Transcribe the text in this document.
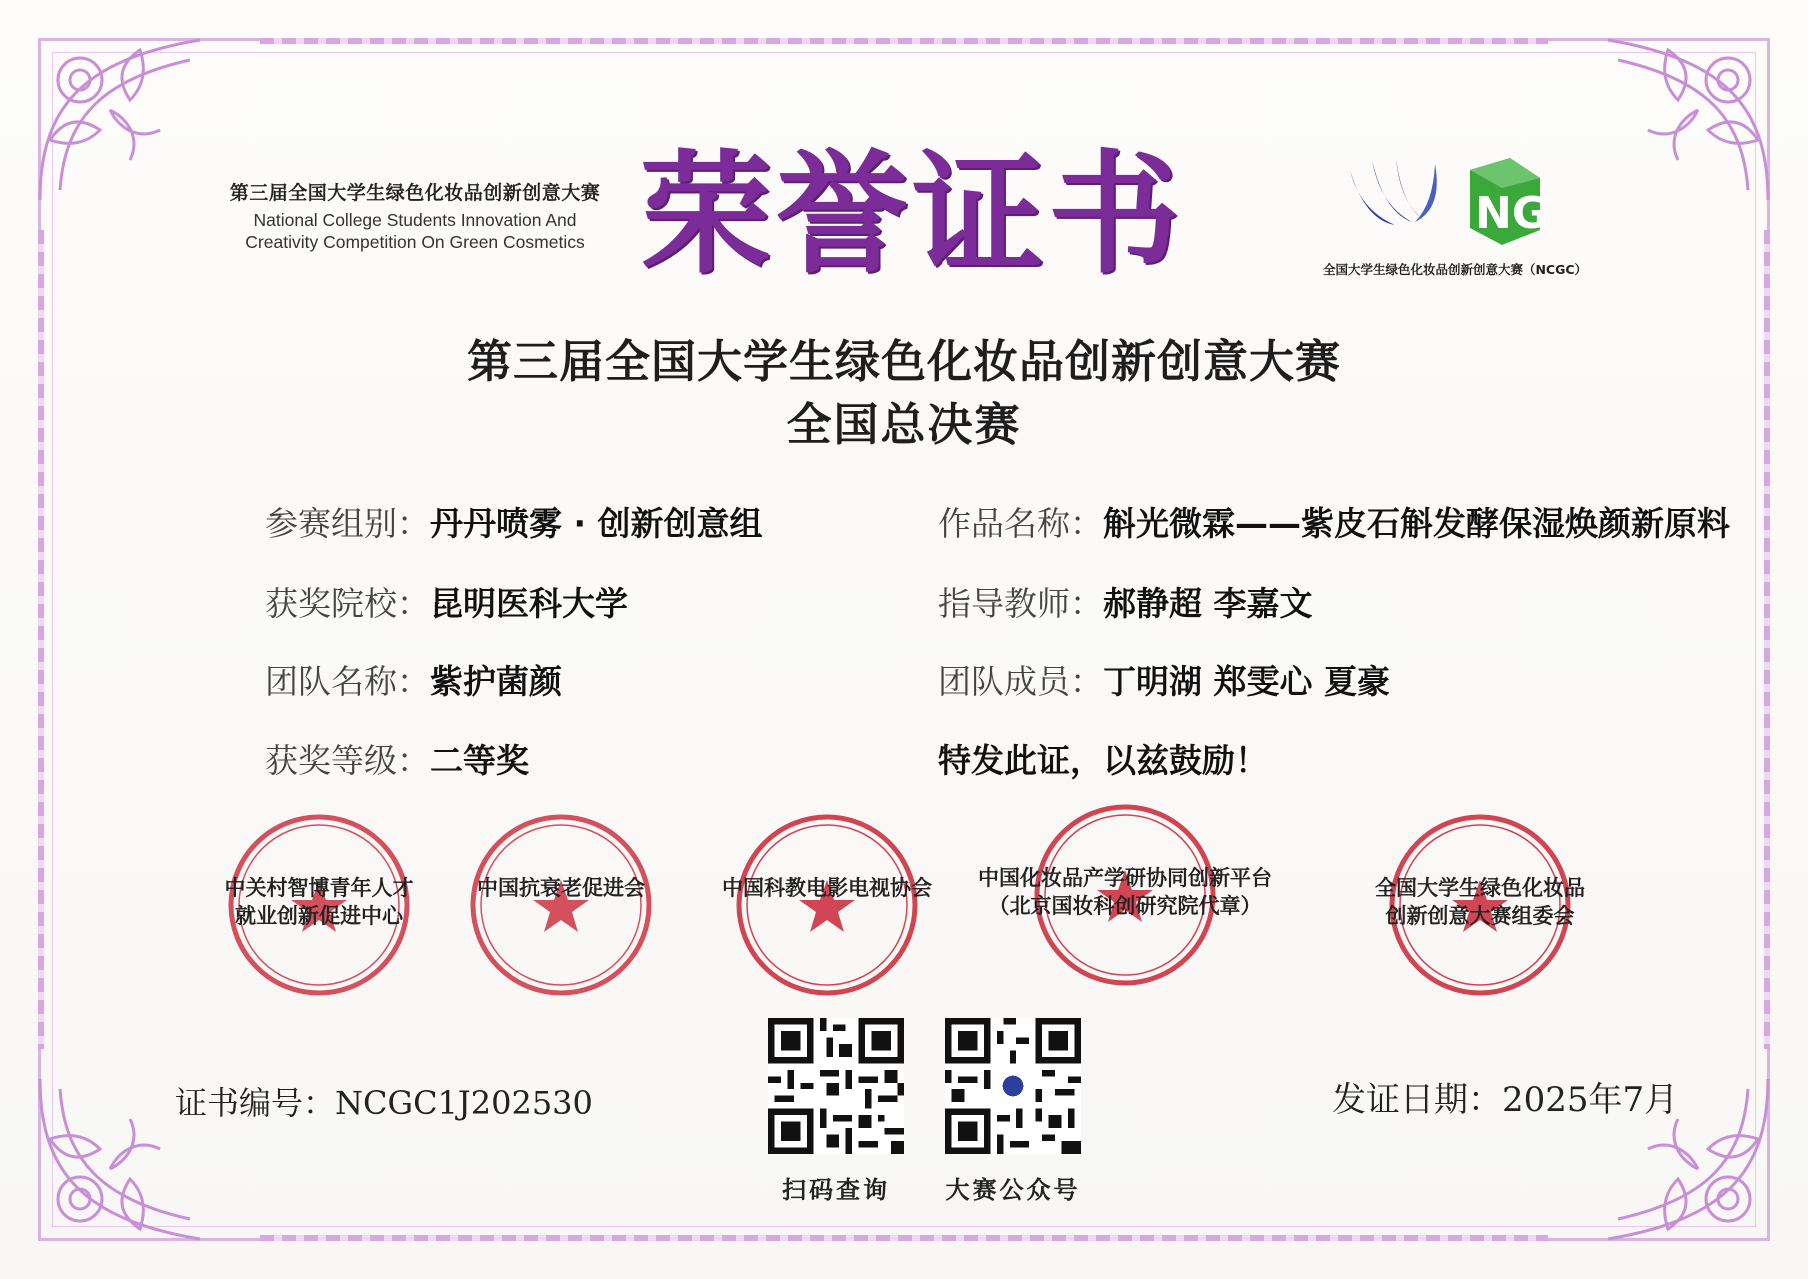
第三届全国大学生绿色化妆品创新创意大赛
National College Students Innovation And
Creativity Competition On Green Cosmetics 荣誉证书	NG
全国大学生绿色化妆品创新创意大赛（NCGC）
第三届全国大学生绿色化妆品创新创意大赛
全国总决赛
参赛组别：丹丹喷雾 · 创新创意组	作品名称：斛光微霖——紫皮石斛发酵保湿焕颜新原料
获奖院校：昆明医科大学	指导教师：郝静超 李嘉文
团队名称：紫护菌颜	团队成员：丁明湖 郑雯心 夏豪
获奖等级：二等奖	特发此证，以兹鼓励！
中关村智博青年人才
就业创新促进中心
中国抗衰老促进会	中国科教电影电视协会	中国化妆品产学研协同创新平台
（北京国妆科创研究院代章）
全国大学生绿色化妆品
创新创意大赛组委会
扫码查询	大赛公众号
证书编号：NCGC1J202530	发证日期：2025年7月
